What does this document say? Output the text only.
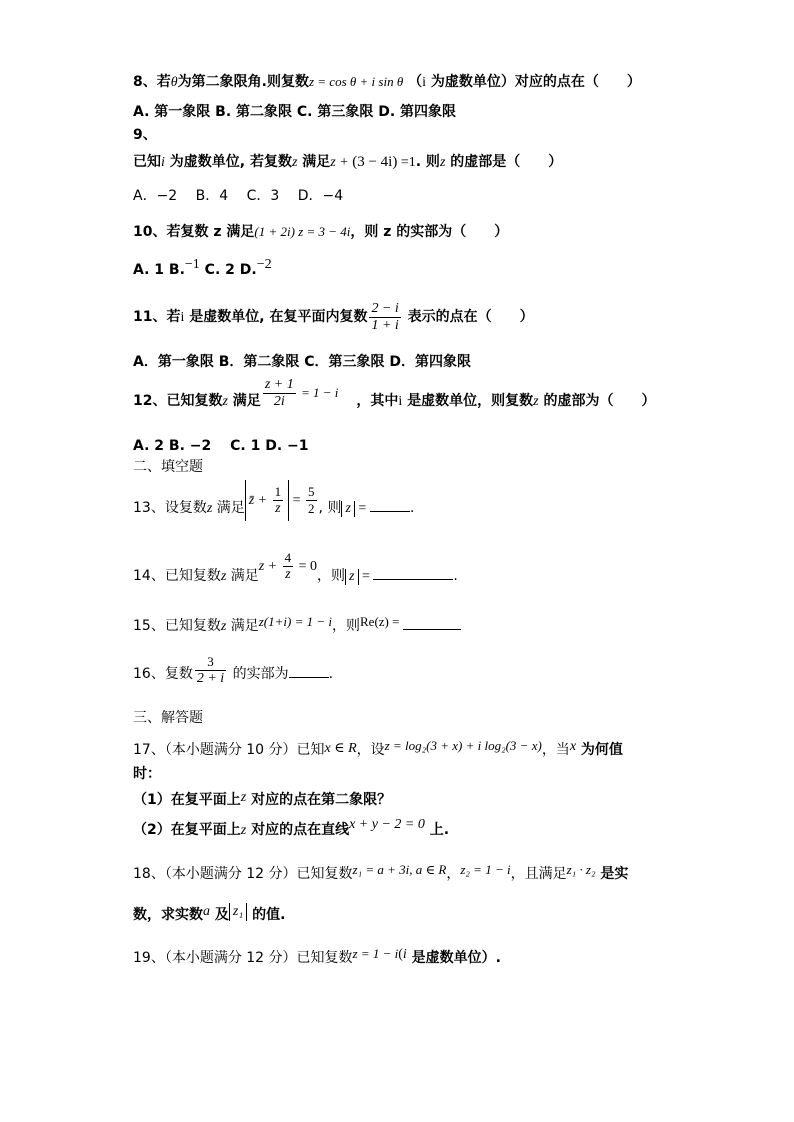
8、若θ为第二象限角.则复数z = cos θ + i sin θ （i 为虚数单位）对应的点在（　　）
A. 第一象限 B. 第二象限 C. 第三象限 D. 第四象限
9、
已知i 为虚数单位, 若复数z 满足z + (3 − 4i) =1. 则z 的虚部是（　　）
A．−2　 B．4　 C．3　 D．−4
10、若复数 z 满足(1 + 2i) z = 3 − 4i，则 z 的实部为（　　）
A. 1 B.−1 C. 2 D.−2
11、若i 是虚数单位, 在复平面内复数 $\frac{2 - i}{1 + i}$ 表示的点在（　　）
A．第一象限 B．第二象限 C．第三象限 D．第四象限
12、已知复数z 满足 $\frac{z + 1}{2i} = 1 - i$，其中i 是虚数单位，则复数z 的虚部为（　　）
A. 2 B. −2　 C. 1 D. −1
二、填空题
13、设复数z 满足 z̄ + $\frac{1}{z} = \frac{5}{2}$ , 则 z =	.
14、已知复数z 满足$z + \frac{4}{z} = 0$，则 z =	.
15、已知复数z 满足z(1+i) = 1 − i，则Re(z) =
16、复数 $\frac{3}{2 + i}$ 的实部为	.
三、解答题
17、（本小题满分 10 分）已知x ∈ R，设z = log₂(3 + x) + i log₂(3 − x)，当x 为何值
时：
（1）在复平面上z 对应的点在第二象限？
（2）在复平面上z 对应的点在直线x + y − 2 = 0 上.
18、（本小题满分 12 分）已知复数z₁ = a + 3i, a ∈ R，z₂ = 1 − i，且满足z₁ · z₂ 是实
数，求实数a 及 z₁ 的值.
19、（本小题满分 12 分）已知复数z = 1 − i(i 是虚数单位）.
